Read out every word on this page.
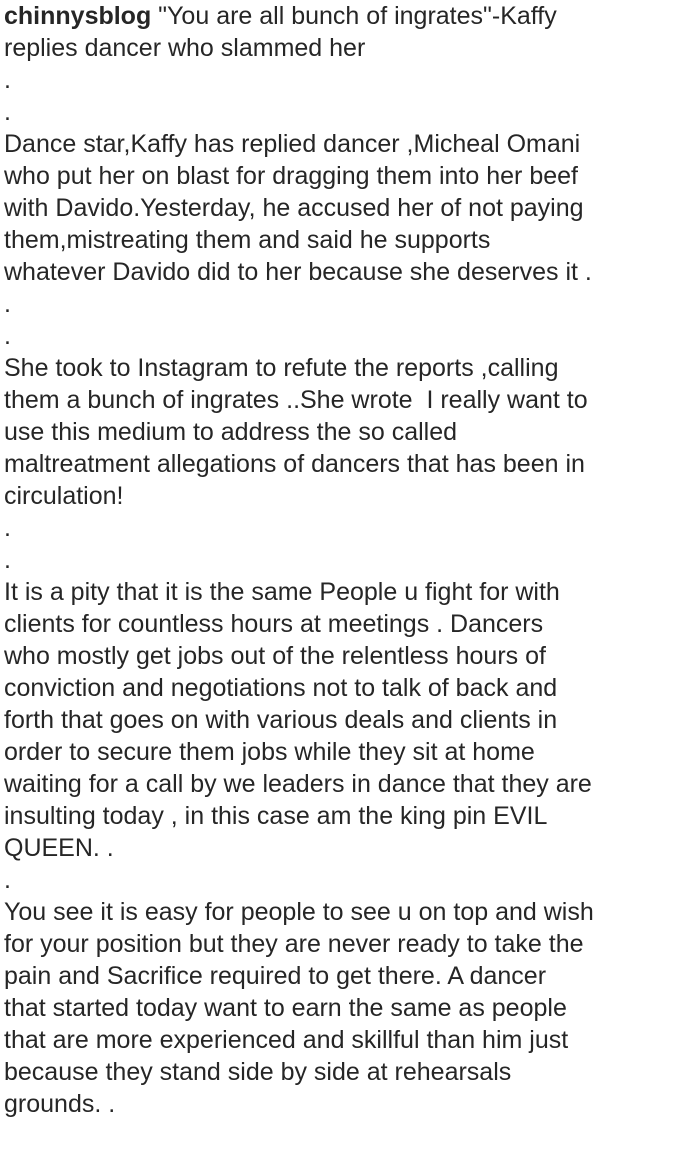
chinnysblog "You are all bunch of ingrates"-Kaffy
replies dancer who slammed her
.
.
Dance star,Kaffy has replied dancer ,Micheal Omani
who put her on blast for dragging them into her beef
with Davido.Yesterday, he accused her of not paying
them,mistreating them and said he supports
whatever Davido did to her because she deserves it .
.
.
She took to Instagram to refute the reports ,calling
them a bunch of ingrates ..She wrote  I really want to
use this medium to address the so called
maltreatment allegations of dancers that has been in
circulation!
.
.
It is a pity that it is the same People u fight for with
clients for countless hours at meetings . Dancers
who mostly get jobs out of the relentless hours of
conviction and negotiations not to talk of back and
forth that goes on with various deals and clients in
order to secure them jobs while they sit at home
waiting for a call by we leaders in dance that they are
insulting today , in this case am the king pin EVIL
QUEEN. .
.
You see it is easy for people to see u on top and wish
for your position but they are never ready to take the
pain and Sacrifice required to get there. A dancer
that started today want to earn the same as people
that are more experienced and skillful than him just
because they stand side by side at rehearsals
grounds. .
